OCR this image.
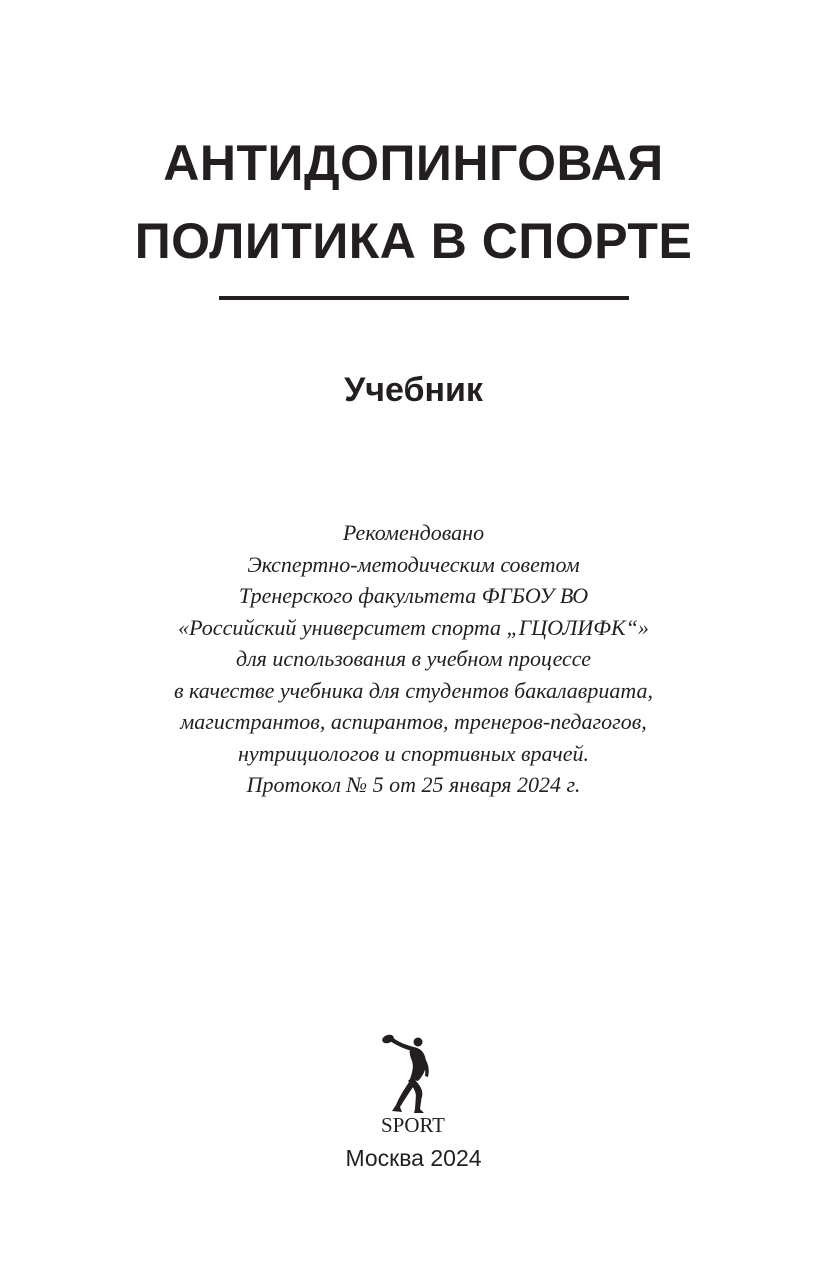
АНТИДОПИНГОВАЯ
ПОЛИТИКА В СПОРТЕ
Учебник
Рекомендовано
Экспертно-методическим советом
Тренерского факультета ФГБОУ ВО
«Российский университет спорта „ГЦОЛИФК“»
для использования в учебном процессе
в качестве учебника для студентов бакалавриата,
магистрантов, аспирантов, тренеров-педагогов,
нутрициологов и спортивных врачей.
Протокол № 5 от 25 января 2024 г.
SPORT

Москва 2024
